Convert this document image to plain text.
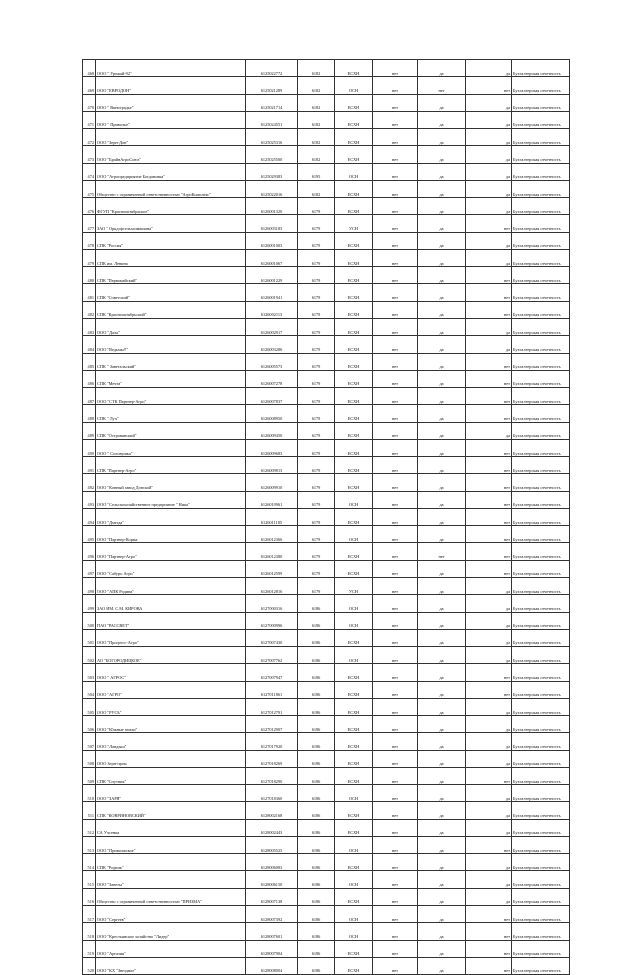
468	ООО " Урожай-92"	6125022772	6182	ЕСХН	нет	да	да	Бухгалтерская отчетность
469	ООО "ЕВРОДОН"	6125021289	6182	ОСН	нет	нет	нет	Бухгалтерская отчетность
470	ООО " Виноградье"	6125021714	6182	ЕСХН	нет	да	да	Бухгалтерская отчетность
471	ООО " Приволье"	6125024551	6182	ЕСХН	нет	да	да	Бухгалтерская отчетность
472	ООО "Зерн-Дон"	6125025316	6182	ЕСХН	нет	да	да	Бухгалтерская отчетность
473	ООО "БрайнАгроСоюз"	6125025500	6182	ЕСХН	нет	да	да	Бухгалтерская отчетность
474	ООО "Агропредприятие Богдановка"	6125029383	6195	ОСН	нет	да	да	Бухгалтерская отчетность
475	Общество с ограниченной ответственностью "АгроКомплекс"	6125022016	6182	ЕСХН	нет	да	да	Бухгалтерская отчетность
476	ФГУП "Краснооктябрьское"	6126001320	6179	ЕСХН	нет	да	да	Бухгалтерская отчетность
477	ЗАО " Оркдорсельхозмашина"	6126003183	6179	УСН	нет	да	нет	Бухгалтерская отчетность
478	СПК "Россия"	6126001003	6179	ЕСХН	нет	да	да	Бухгалтерская отчетность
479	СПК им. Ленина	6126001067	6179	ЕСХН	нет	да	да	Бухгалтерская отчетность
480	СПК "Первомайский"	6126001229	6179	ЕСХН	нет	да	нет	Бухгалтерская отчетность
481	СПК "Советский"	6126001941	6179	ЕСХН	нет	да	нет	Бухгалтерская отчетность
482	СПК "Краснооктябрьский"	6126002113	6179	ЕСХН	нет	да	нет	Бухгалтерская отчетность
483	ООО "Дала"	6126002917	6179	ЕСХН	нет	да	да	Бухгалтерская отчетность
484	ООО "Ведьмы!!"	6126003286	6179	ЕСХН	нет	да	да	Бухгалтерская отчетность
485	СПК " Заветальский"	6126005573	6179	ЕСХН	нет	да	нет	Бухгалтерская отчетность
486	СПК "Мечта"	6126007278	6179	ЕСХН	нет	да	нет	Бухгалтерская отчетность
487	ООО "СТК Партнер-Агро"	6126007837	6179	ЕСХН	нет	да	нет	Бухгалтерская отчетность
488	СПК " Луч"	6126008950	6179	ЕСХН	нет	да	нет	Бухгалтерская отчетность
489	СПК "Островянский"	6126009450	6179	ЕСХН	нет	да	да	Бухгалтерская отчетность
490	ООО " Соловушка"	6126009683	6179	ЕСХН	нет	да	нет	Бухгалтерская отчетность
491	СПК "Партнер-Агро"	6126009813	6179	ЕСХН	нет	да	нет	Бухгалтерская отчетность
492	ООО "Конный завод Донской"	6126009910	6179	ЕСХН	нет	да	нет	Бухгалтерская отчетность
493	ООО "Сельскохозяйственное предприятие " Ника"	6126010961	6179	ОСН	нет	да	нет	Бухгалтерская отчетность
494	ООО "Дмегда"	6126011185	6179	ЕСХН	нет	да	нет	Бухгалтерская отчетность
495	ООО "Партнер-Корма	6126012366	6179	ОСН	нет	да	нет	Бухгалтерская отчетность
496	ООО "Партнер-Агро"	6126012380	6179	ЕСХН	нет	нет	нет	Бухгалтерская отчетность
497	ООО "Сабуро Агро"	6126012599	6179	ЕСХН	нет	да	нет	Бухгалтерская отчетность
498	ООО "АПК Родина"	6126012816	6179	УСН	нет	да	да	Бухгалтерская отчетность
499	ЗАО ИМ. С.М. КИРОВА	6127000316	6186	ОСН	нет	да	да	Бухгалтерская отчетность
500	ПАО "РАССВЕТ"	6127000996	6186	ОСН	нет	да	да	Бухгалтерская отчетность
501	ООО "Прогресс-Агро"	6127007430	6186	ЕСХН	нет	да	да	Бухгалтерская отчетность
502	АО "БОГОРОДИЦКОЕ"	6127007762	6186	ОСН	нет	да	да	Бухгалтерская отчетность
503	ООО " АГРОС"	6127007947	6186	ЕСХН	нет	да	нет	Бухгалтерская отчетность
504	ООО "АГРО"	6127011861	6186	ЕСХН	нет	да	нет	Бухгалтерская отчетность
505	ООО "РУСЬ"	6127012791	6186	ЕСХН	нет	да	да	Бухгалтерская отчетность
506	ООО "Южные земли"	6127012907	6186	ЕСХН	нет	да	да	Бухгалтерская отчетность
507	ООО "Ландыш"	6127017920	6186	ЕСХН	нет	да	да	Бухгалтерская отчетность
508	ООО Зерн-пром	6127018269	6186	ЕСХН	нет	да	да	Бухгалтерская отчетность
509	СПК "Спутник"	6127018290	6186	ЕСХН	нет	да	нет	Бухгалтерская отчетность
510	ООО "ЗАРЯ"	6127018360	6186	ОСН	нет	да	да	Бухгалтерская отчетность
511	СПК "КОВРИНОВСКИЙ"	6128002168	6186	ЕСХН	нет	да	да	Бухгалтерская отчетность
512	СА Учсенка	6128002443	6186	ЕСХН	нет	да	да	Бухгалтерская отчетность
513	ООО "Приволжское"	6128005525	6186	ОСН	нет	да	нет	Бухгалтерская отчетность
514	СПК "Родник"	6128006083	6186	ЕСХН	нет	да	да	Бухгалтерская отчетность
515	ООО "Заветы"	6128006150	6186	ОСН	нет	да	да	Бухгалтерская отчетность
516	Общество с ограниченной ответственностью "ПРИЗМА"	6128007138	6186	ЕСХН	нет	да	да	Бухгалтерская отчетность
517	ООО "Сергеев"	6128007392	6186	ОСН	нет	да	нет	Бухгалтерская отчетность
518	ООО "Крестьянское хозяйство "Лидер"	6128007601	6186	ОСН	нет	да	нет	Бухгалтерская отчетность
519	ООО "Аргазия"	6128007904	6186	ЕСХН	нет	да	нет	Бухгалтерская отчетность
520	ООО "КХ "Звездное"	6128008004	6186	ЕСХН	нет	да	нет	Бухгалтерская отчетность
